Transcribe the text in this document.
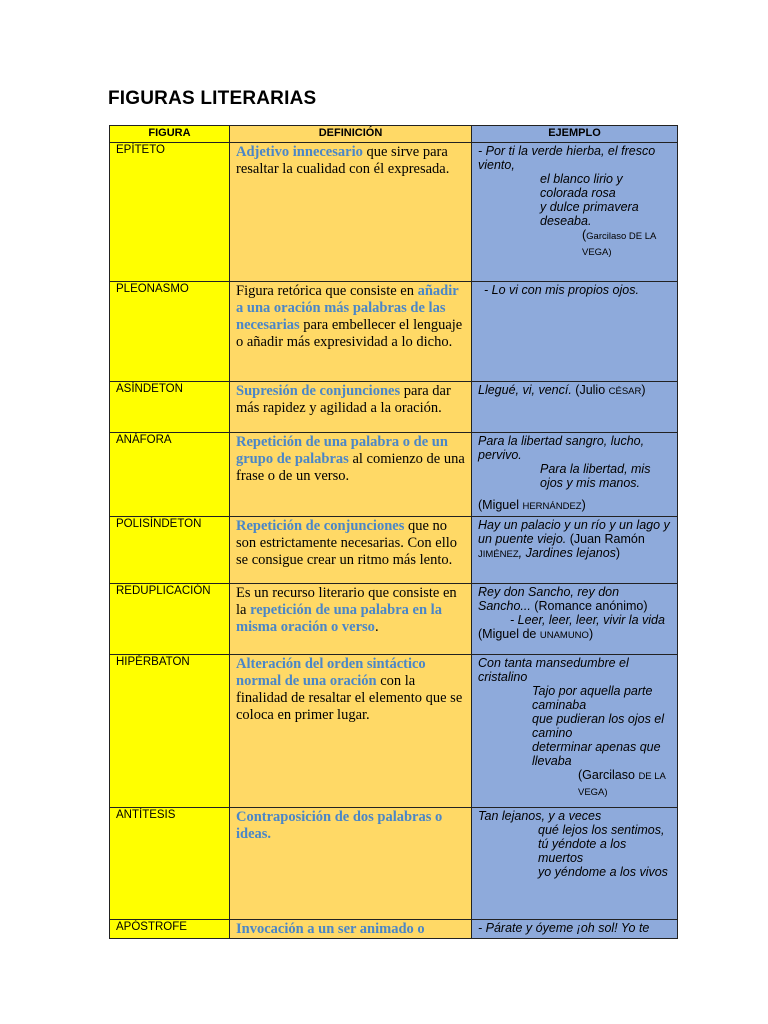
FIGURAS LITERARIAS
FIGURA	DEFINICIÓN	EJEMPLO
EPÍTETO	Adjetivo innecesario que sirve para resaltar la cualidad con él expresada.	- Por ti la verde hierba, el fresco viento,
el blanco lirio y colorada rosa
y dulce primavera deseaba.
(Garcilaso DE LA VEGA)

PLEONASMO	Figura retórica que consiste en añadir a una oración más palabras de las necesarias para embellecer el lenguaje o añadir más expresividad a lo dicho.	- Lo vi con mis propios ojos.

ASÍNDETON	Supresión de conjunciones para dar más rapidez y agilidad a la oración.	Llegué, vi, vencí. (Julio CÉSAR)
ANÁFORA	Repetición de una palabra o de un grupo de palabras al comienzo de una frase o de un verso.	Para la libertad sangro, lucho, pervivo.
Para la libertad, mis ojos y mis manos.
(Miguel HERNÁNDEZ)

POLISÍNDETON	Repetición de conjunciones que no son estrictamente necesarias. Con ello se consigue crear un ritmo más lento.	Hay un palacio y un río y un lago y un puente viejo. (Juan Ramón JIMÉNEZ, Jardines lejanos)
REDUPLICACIÓN	Es un recurso literario que consiste en la repetición de una palabra en la misma oración o verso.	Rey don Sancho, rey don Sancho... (Romance anónimo)
- Leer, leer, leer, vivir la vida
(Miguel de UNAMUNO)
HIPÉRBATON	Alteración del orden sintáctico normal de una oración con la finalidad de resaltar el elemento que se coloca en primer lugar.	Con tanta mansedumbre el cristalino
Tajo por aquella parte caminaba
que pudieran los ojos el camino
determinar apenas que llevaba
(Garcilaso DE LA VEGA)

ANTÍTESIS	Contraposición de dos palabras o ideas.	Tan lejanos, y a veces
qué lejos los sentimos,
tú yéndote a los muertos
yo yéndome a los vivos

APÓSTROFE	Invocación a un ser animado o	- Párate y óyeme ¡oh sol! Yo te
